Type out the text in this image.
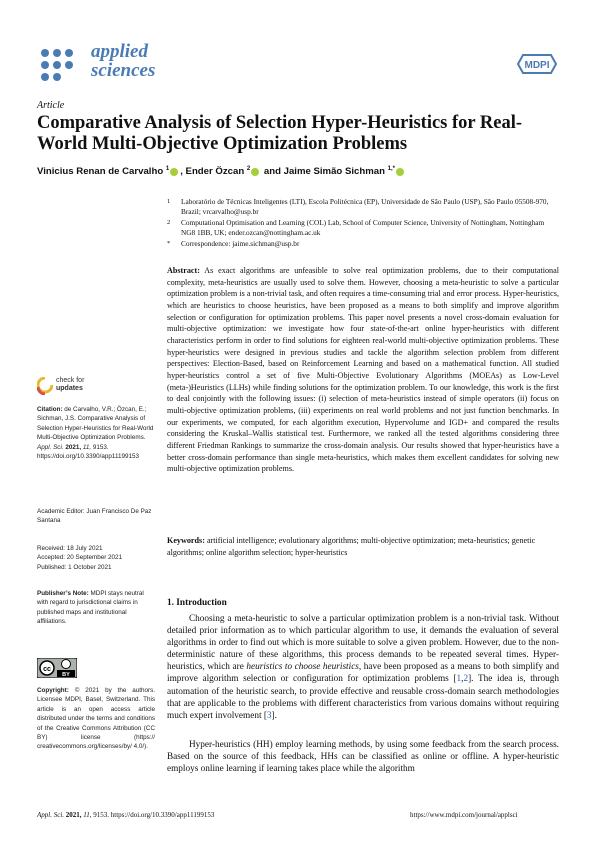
applied
sciences	MDPI
Article
Comparative Analysis of Selection Hyper-Heuristics for Real-World Multi-Objective Optimization Problems
Vinicius Renan de Carvalho $^1$ , Ender Özcan $^2$ and Jaime Simão Sichman $^{1,*}$
1 Laboratório de Técnicas Inteligentes (LTI), Escola Politécnica (EP), Universidade de São Paulo (USP), São Paulo 05508-970, Brazil; vrcarvalho@usp.br
2 Computational Optimisation and Learning (COL) Lab, School of Computer Science, University of Nottingham, Nottingham NG8 1BB, UK; ender.ozcan@nottingham.ac.uk
* Correspondence: jaime.sichman@usp.br
Abstract: As exact algorithms are unfeasible to solve real optimization problems, due to their computational complexity, meta-heuristics are usually used to solve them. However, choosing a meta-heuristic to solve a particular optimization problem is a non-trivial task, and often requires a time-consuming trial and error process. Hyper-heuristics, which are heuristics to choose heuristics, have been proposed as a means to both simplify and improve algorithm selection or configuration for optimization problems. This paper novel presents a novel cross-domain evaluation for multi-objective optimization: we investigate how four state-of-the-art online hyper-heuristics with different characteristics perform in order to find solutions for eighteen real-world multi-objective optimization problems. These hyper-heuristics were designed in previous studies and tackle the algorithm selection problem from different perspectives: Election-Based, based on Reinforcement Learning and based on a mathematical function. All studied hyper-heuristics control a set of five Multi-Objective Evolutionary Algorithms (MOEAs) as Low-Level (meta-)Heuristics (LLHs) while finding solutions for the optimization problem. To our knowledge, this work is the first to deal conjointly with the following issues: (i) selection of meta-heuristics instead of simple operators (ii) focus on multi-objective optimization problems, (iii) experiments on real world problems and not just function benchmarks. In our experiments, we computed, for each algorithm execution, Hypervolume and IGD+ and compared the results considering the Kruskal–Wallis statistical test. Furthermore, we ranked all the tested algorithms considering three different Friedman Rankings to summarize the cross-domain analysis. Our results showed that hyper-heuristics have a better cross-domain performance than single meta-heuristics, which makes them excellent candidates for solving new multi-objective optimization problems.
Keywords: artificial intelligence; evolutionary algorithms; multi-objective optimization; meta-heuristics; genetic algorithms; online algorithm selection; hyper-heuristics
check for
updates
Citation: de Carvalho, V.R.; Özcan, E.; Sichman, J.S. Comparative Analysis of Selection Hyper-Heuristics for Real-World Multi-Objective Optimization Problems. Appl. Sci. 2021, 11, 9153. https://doi.org/10.3390/app11199153
Academic Editor: Juan Francisco De Paz Santana
Received: 18 July 2021
Accepted: 20 September 2021
Published: 1 October 2021
Publisher’s Note: MDPI stays neutral with regard to jurisdictional claims in published maps and institutional affiliations.
cc
BY
Copyright: © 2021 by the authors. Licensee MDPI, Basel, Switzerland. This article is an open access article distributed under the terms and conditions of the Creative Commons Attribution (CC BY) license (https:// creativecommons.org/licenses/by/ 4.0/).
1. Introduction
Choosing a meta-heuristic to solve a particular optimization problem is a non-trivial task. Without detailed prior information as to which particular algorithm to use, it demands the evaluation of several algorithms in order to find out which is more suitable to solve a given problem. However, due to the non-deterministic nature of these algorithms, this process demands to be repeated several times. Hyper-heuristics, which are heuristics to choose heuristics, have been proposed as a means to both simplify and improve algorithm selection or configuration for optimization problems [1,2]. The idea is, through automation of the heuristic search, to provide effective and reusable cross-domain search methodologies that are applicable to the problems with different characteristics from various domains without requiring much expert involvement [3].
Hyper-heuristics (HH) employ learning methods, by using some feedback from the search process. Based on the source of this feedback, HHs can be classified as online or offline. A hyper-heuristic employs online learning if learning takes place while the algorithm
Appl. Sci. 2021, 11, 9153. https://doi.org/10.3390/app11199153	https://www.mdpi.com/journal/applsci
